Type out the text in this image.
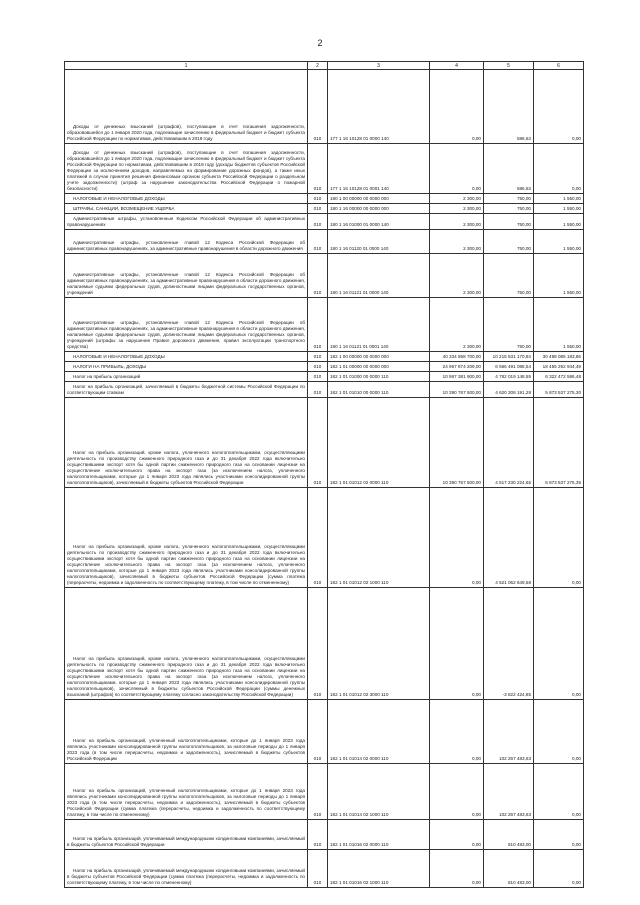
2
1	2	3	4	5	6

Доходы от денежных взысканий (штрафов), поступающие в счет погашения задолженности, образовавшейся до 1 января 2020 года, подлежащие зачислению в федеральный бюджет и бюджет субъекта Российской Федерации по нормативам, действовавшим в 2019 году	010	177 1 16 10128 01 0000 140	0,00	586,63	0,00

Доходы от денежных взысканий (штрафов), поступающие в счет погашения задолженности, образовавшейся до 1 января 2020 года, подлежащие зачислению в федеральный бюджет и бюджет субъекта Российской Федерации по нормативам, действовавшим в 2019 году (доходы бюджетов субъектов Российской Федерации за исключением доходов, направляемых на формирование дорожных фондов), а также иных платежей в случае принятия решения финансовым органом субъекта Российской Федерации о раздельном учете задолженности) (штраф за нарушение законодательства Российской Федерации о пожарной безопасности)	010	177 1 16 10128 01 0001 140	0,00	586,63	0,00

НАЛОГОВЫЕ И НЕНАЛОГОВЫЕ ДОХОДЫ	010	180 1 00 00000 00 0000 000	2 300,00	750,00	1 550,00

ШТРАФЫ, САНКЦИИ, ВОЗМЕЩЕНИЕ УЩЕРБА	010	180 1 16 00000 00 0000 000	2 300,00	750,00	1 550,00

Административные штрафы, установленные Кодексом Российской Федерации об административных правонарушениях	010	180 1 16 01000 01 0000 140	2 300,00	750,00	1 550,00

Административные штрафы, установленные главой 12 Кодекса Российской Федерации об административных правонарушениях, за административные правонарушения в области дорожного движения	010	180 1 16 01120 01 0000 140	2 300,00	750,00	1 550,00

Административные штрафы, установленные главой 12 Кодекса Российской Федерации об административных правонарушениях, за административные правонарушения в области дорожного движения, налагаемые судьями федеральных судов, должностными лицами федеральных государственных органов, учреждений	010	180 1 16 01121 01 0000 140	2 300,00	750,00	1 550,00

Административные штрафы, установленные главой 12 Кодекса Российской Федерации об административных правонарушениях, за административные правонарушения в области дорожного движения, налагаемые судьями федеральных судов, должностными лицами федеральных государственных органов, учреждений (штрафы за нарушение Правил дорожного движения, правил эксплуатации транспортного средства)	010	180 1 16 01121 01 0001 140	2 300,00	750,00	1 550,00

НАЛОГОВЫЕ И НЕНАЛОГОВЫЕ ДОХОДЫ	010	182 1 00 00000 00 0000 000	40 334 858 700,00	10 215 531 170,84	30 498 085 183,86

НАЛОГИ НА ПРИБЫЛЬ, ДОХОДЫ	010	182 1 01 00000 00 0000 000	24 967 874 209,00	6 566 491 088,54	18 455 292 944,49

Налог на прибыль организаций	010	182 1 01 01000 00 0000 110	10 967 381 900,00	4 782 019 148,55	6 322 472 586,48

Налог на прибыль организаций, зачисляемый в бюджеты бюджетной системы Российской Федерации по соответствующим ставкам	010	182 1 01 01010 00 0000 110	10 390 767 500,00	4 620 308 191,28	5 873 537 275,30

Налог на прибыль организаций, кроме налога, уплаченного налогоплательщиками, осуществляющими деятельность по производству сжиженного природного газа и до 31 декабря 2022 года включительно осуществившими экспорт хотя бы одной партии сжиженного природного газа на основании лицензии на осуществление исключительного права на экспорт газа (за исключением налога, уплаченного налогоплательщиками, которые до 1 января 2023 года являлись участниками консолидированной группы налогоплательщиков), зачисляемый в бюджеты субъектов Российской Федерации	010	182 1 01 01012 02 0000 110	10 390 767 500,00	4 517 230 224,65	5 873 537 275,35

Налог на прибыль организаций, кроме налога, уплаченного налогоплательщиками, осуществляющими деятельность по производству сжиженного природного газа и до 31 декабря 2022 года включительно осуществившими экспорт хотя бы одной партии сжиженного природного газа на основании лицензии на осуществление исключительного права на экспорт газа (за исключением налога, уплаченного налогоплательщиками, которые до 1 января 2023 года являлись участниками консолидированной группы налогоплательщиков), зачисляемый в бюджеты субъектов Российской Федерации (сумма платежа (перерасчеты, недоимка и задолженность по соответствующему платежу, в том числе по отмененному)	010	182 1 01 01012 02 1000 110	0,00	4 521 052 649,58	0,00

Налог на прибыль организаций, кроме налога, уплаченного налогоплательщиками, осуществляющими деятельность по производству сжиженного природного газа и до 31 декабря 2022 года включительно осуществившими экспорт хотя бы одной партии сжиженного природного газа на основании лицензии на осуществление исключительного права на экспорт газа (за исключением налога, уплаченного налогоплательщиками, которые до 1 января 2023 года являлись участниками консолидированной группы налогоплательщиков), зачисляемый в бюджеты субъектов Российской Федерации (суммы денежных взысканий (штрафов) по соответствующему платежу согласно законодательству Российской Федерации)	010	182 1 01 01012 02 3000 110	0,00	-3 822 424,85	0,00

Налог на прибыль организаций, уплаченный налогоплательщиками, которые до 1 января 2023 года являлись участниками консолидированной группы налогоплательщиков, за налоговые периоды до 1 января 2023 года (в том числе перерасчеты, недоимка и задолженность), зачисляемый в бюджеты субъектов Российской Федерации	010	182 1 01 01014 02 0000 110	0,00	102 267 483,63	0,00

Налог на прибыль организаций, уплаченный налогоплательщиками, которые до 1 января 2023 года являлись участниками консолидированной группы налогоплательщиков, за налоговые периоды до 1 января 2023 года (в том числе перерасчеты, недоимка и задолженность), зачисляемый в бюджеты субъектов Российской Федерации (сумма платежа (перерасчеты, недоимка и задолженность по соответствующему платежу, в том числе по отмененному)	010	182 1 01 01014 02 1000 110	0,00	102 267 483,63	0,00

Налог на прибыль организаций, уплачиваемый международными холдинговыми компаниями, зачисляемый в бюджеты субъектов Российской Федерации	010	182 1 01 01016 02 0000 110	0,00	810 483,00	0,00

Налог на прибыль организаций, уплачиваемый международными холдинговыми компаниями, зачисляемый в бюджеты субъектов Российской Федерации (сумма платежа (перерасчеты, недоимка и задолженность по соответствующему платежу, в том числе по отмененному)	010	182 1 01 01016 02 1000 110	0,00	810 483,00	0,00
